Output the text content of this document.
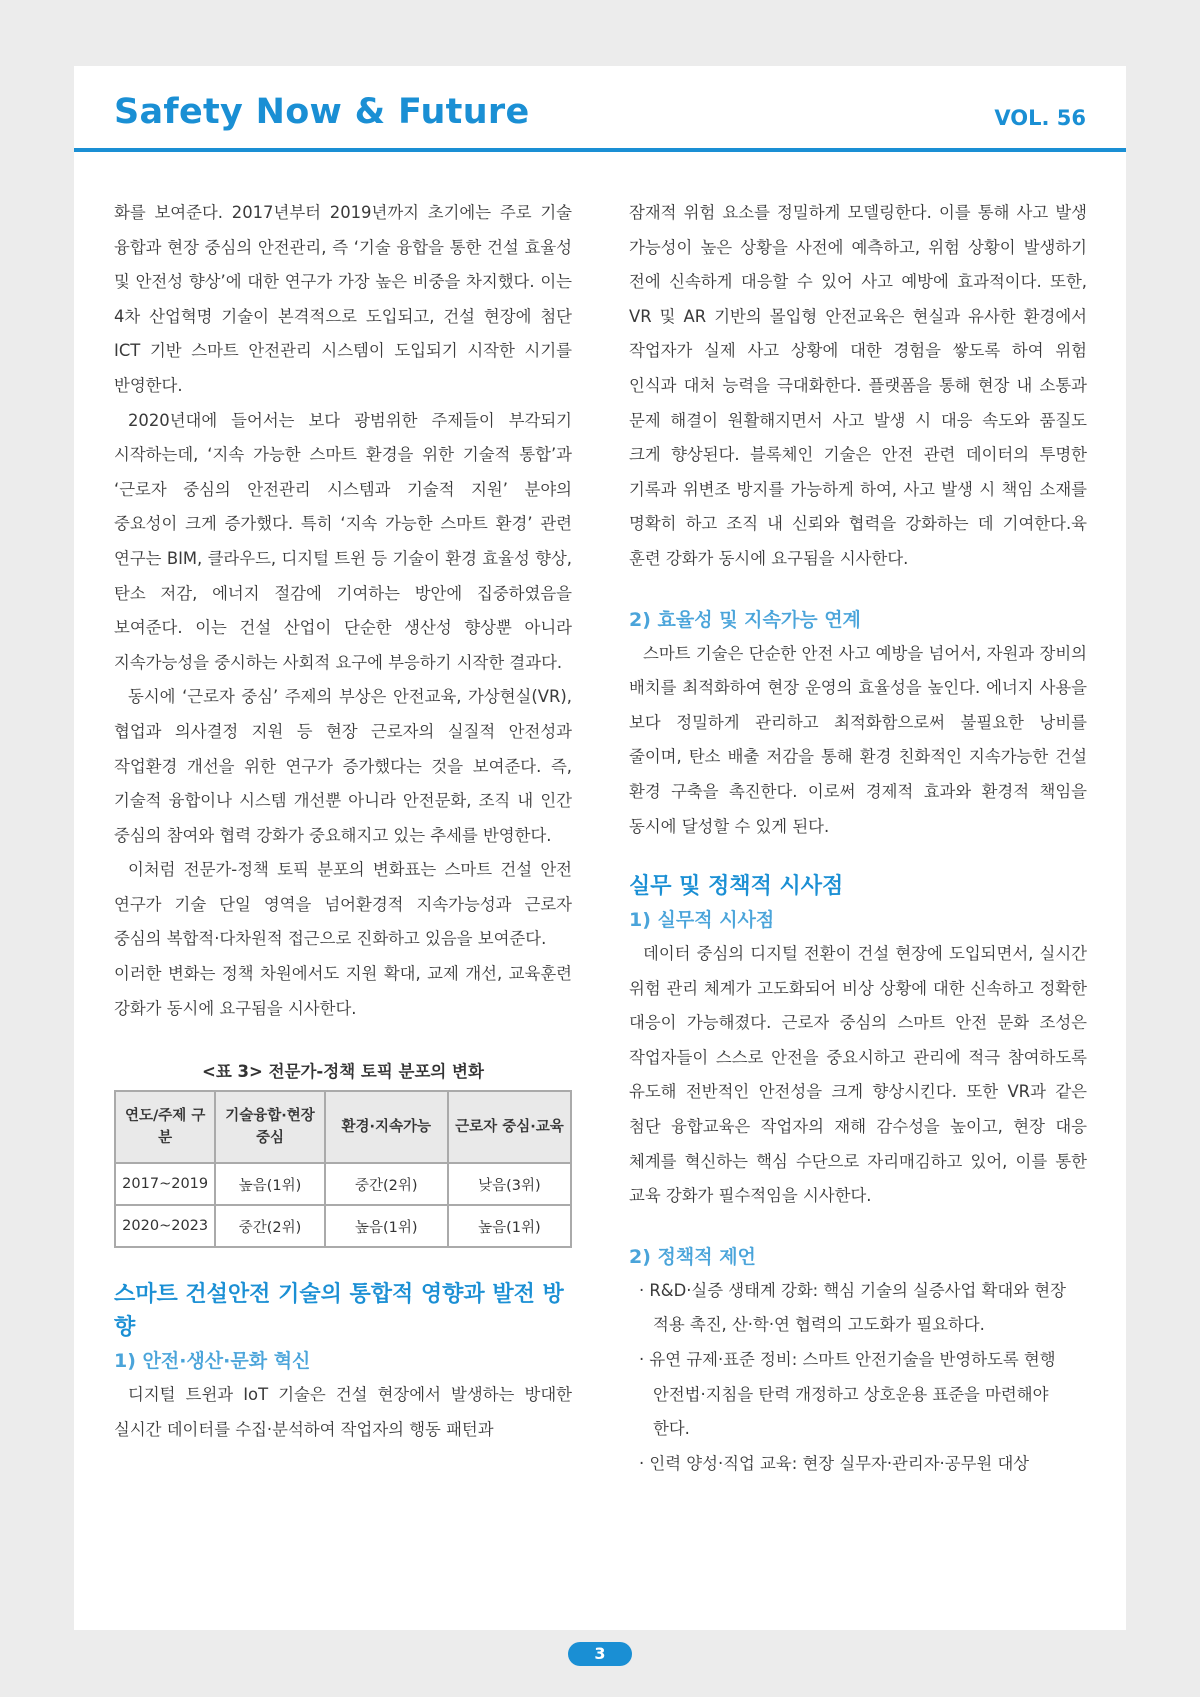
Safety Now & Future	VOL. 56

화를 보여준다. 2017년부터 2019년까지 초기에는 주로 기술 융합과 현장 중심의 안전관리, 즉 ‘기술 융합을 통한 건설 효율성 및 안전성 향상’에 대한 연구가 가장 높은 비중을 차지했다. 이는 4차 산업혁명 기술이 본격적으로 도입되고, 건설 현장에 첨단 ICT 기반 스마트 안전관리 시스템이 도입되기 시작한 시기를 반영한다.

2020년대에 들어서는 보다 광범위한 주제들이 부각되기 시작하는데, ‘지속 가능한 스마트 환경을 위한 기술적 통합’과 ‘근로자 중심의 안전관리 시스템과 기술적 지원’ 분야의 중요성이 크게 증가했다. 특히 ‘지속 가능한 스마트 환경’ 관련 연구는 BIM, 클라우드, 디지털 트윈 등 기술이 환경 효율성 향상, 탄소 저감, 에너지 절감에 기여하는 방안에 집중하였음을 보여준다. 이는 건설 산업이 단순한 생산성 향상뿐 아니라 지속가능성을 중시하는 사회적 요구에 부응하기 시작한 결과다.

동시에 ‘근로자 중심’ 주제의 부상은 안전교육, 가상현실(VR), 협업과 의사결정 지원 등 현장 근로자의 실질적 안전성과 작업환경 개선을 위한 연구가 증가했다는 것을 보여준다. 즉, 기술적 융합이나 시스템 개선뿐 아니라 안전문화, 조직 내 인간 중심의 참여와 협력 강화가 중요해지고 있는 추세를 반영한다.

이처럼 전문가-정책 토픽 분포의 변화표는 스마트 건설 안전 연구가 기술 단일 영역을 넘어환경적 지속가능성과 근로자 중심의 복합적·다차원적 접근으로 진화하고 있음을 보여준다.

이러한 변화는 정책 차원에서도 지원 확대, 교제 개선, 교육훈련 강화가 동시에 요구됨을 시사한다.

<표 3> 전문가-정책 토픽 분포의 변화
연도/주제 구분	기술융합·현장 중심	환경·지속가능	근로자 중심·교육
2017~2019	높음(1위)	중간(2위)	낮음(3위)
2020~2023	중간(2위)	높음(1위)	높음(1위)
스마트 건설안전 기술의 통합적 영향과 발전 방향
1) 안전·생산·문화 혁신

디지털 트윈과 IoT 기술은 건설 현장에서 발생하는 방대한 실시간 데이터를 수집·분석하여 작업자의 행동 패턴과

잠재적 위험 요소를 정밀하게 모델링한다. 이를 통해 사고 발생 가능성이 높은 상황을 사전에 예측하고, 위험 상황이 발생하기 전에 신속하게 대응할 수 있어 사고 예방에 효과적이다. 또한, VR 및 AR 기반의 몰입형 안전교육은 현실과 유사한 환경에서 작업자가 실제 사고 상황에 대한 경험을 쌓도록 하여 위험 인식과 대처 능력을 극대화한다. 플랫폼을 통해 현장 내 소통과 문제 해결이 원활해지면서 사고 발생 시 대응 속도와 품질도 크게 향상된다. 블록체인 기술은 안전 관련 데이터의 투명한 기록과 위변조 방지를 가능하게 하여, 사고 발생 시 책임 소재를 명확히 하고 조직 내 신뢰와 협력을 강화하는 데 기여한다.육 훈련 강화가 동시에 요구됨을 시사한다.

2) 효율성 및 지속가능 연계

스마트 기술은 단순한 안전 사고 예방을 넘어서, 자원과 장비의 배치를 최적화하여 현장 운영의 효율성을 높인다. 에너지 사용을 보다 정밀하게 관리하고 최적화함으로써 불필요한 낭비를 줄이며, 탄소 배출 저감을 통해 환경 친화적인 지속가능한 건설 환경 구축을 촉진한다. 이로써 경제적 효과와 환경적 책임을 동시에 달성할 수 있게 된다.

실무 및 정책적 시사점
1) 실무적 시사점

데이터 중심의 디지털 전환이 건설 현장에 도입되면서, 실시간 위험 관리 체계가 고도화되어 비상 상황에 대한 신속하고 정확한 대응이 가능해졌다. 근로자 중심의 스마트 안전 문화 조성은 작업자들이 스스로 안전을 중요시하고 관리에 적극 참여하도록 유도해 전반적인 안전성을 크게 향상시킨다. 또한 VR과 같은 첨단 융합교육은 작업자의 재해 감수성을 높이고, 현장 대응 체계를 혁신하는 핵심 수단으로 자리매김하고 있어, 이를 통한 교육 강화가 필수적임을 시사한다.

2) 정책적 제언

· R&D·실증 생태계 강화: 핵심 기술의 실증사업 확대와 현장 적용 촉진, 산·학·연 협력의 고도화가 필요하다.

· 유연 규제·표준 정비: 스마트 안전기술을 반영하도록 현행 안전법·지침을 탄력 개정하고 상호운용 표준을 마련해야 한다.

· 인력 양성·직업 교육: 현장 실무자·관리자·공무원 대상

3
